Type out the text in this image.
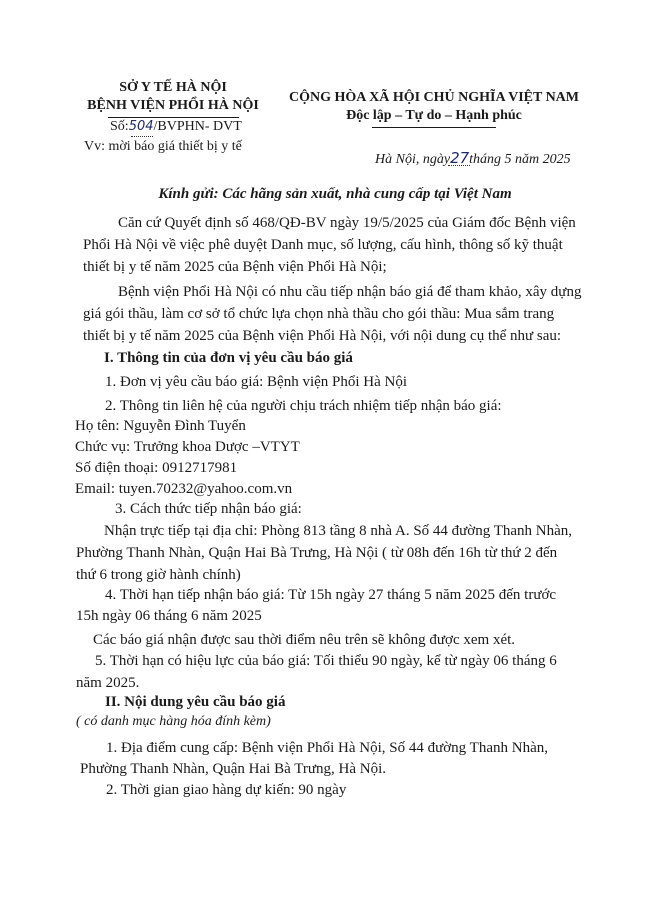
SỞ Y TẾ HÀ NỘI
BỆNH VIỆN PHỔI HÀ NỘI
Số:504/BVPHN- DVT
Vv: mời báo giá thiết bị y tế
CỘNG HÒA XÃ HỘI CHỦ NGHĨA VIỆT NAM
Độc lập – Tự do – Hạnh phúc
Hà Nội, ngày27tháng 5 năm 2025
Kính gửi: Các hãng sản xuất, nhà cung cấp tại Việt Nam
Căn cứ Quyết định số 468/QĐ-BV ngày 19/5/2025 của Giám đốc Bệnh viện
Phổi Hà Nội về việc phê duyệt Danh mục, số lượng, cấu hình, thông số kỹ thuật
thiết bị y tế năm 2025 của Bệnh viện Phổi Hà Nội;
Bệnh viện Phổi Hà Nội có nhu cầu tiếp nhận báo giá để tham khảo, xây dựng
giá gói thầu, làm cơ sở tổ chức lựa chọn nhà thầu cho gói thầu: Mua sắm trang
thiết bị y tế năm 2025 của Bệnh viện Phổi Hà Nội, với nội dung cụ thể như sau:
I. Thông tin của đơn vị yêu cầu báo giá
1. Đơn vị yêu cầu báo giá: Bệnh viện Phổi Hà Nội
2. Thông tin liên hệ của người chịu trách nhiệm tiếp nhận báo giá:
Họ tên: Nguyễn Đình Tuyển
Chức vụ: Trưởng khoa Dược –VTYT
Số điện thoại: 0912717981
Email: tuyen.70232@yahoo.com.vn
3. Cách thức tiếp nhận báo giá:
Nhận trực tiếp tại địa chỉ: Phòng 813 tầng 8 nhà A. Số 44 đường Thanh Nhàn,
Phường Thanh Nhàn, Quận Hai Bà Trưng, Hà Nội ( từ 08h đến 16h từ thứ 2 đến
thứ 6 trong giờ hành chính)
4. Thời hạn tiếp nhận báo giá: Từ 15h ngày 27 tháng 5 năm 2025 đến trước
15h ngày 06 tháng 6 năm 2025
Các báo giá nhận được sau thời điểm nêu trên sẽ không được xem xét.
5. Thời hạn có hiệu lực của báo giá: Tối thiểu 90 ngày, kể từ ngày 06 tháng 6
năm 2025.
II. Nội dung yêu cầu báo giá
( có danh mục hàng hóa đính kèm)
1. Địa điểm cung cấp: Bệnh viện Phổi Hà Nội, Số 44 đường Thanh Nhàn,
Phường Thanh Nhàn, Quận Hai Bà Trưng, Hà Nội.
2. Thời gian giao hàng dự kiến: 90 ngày
